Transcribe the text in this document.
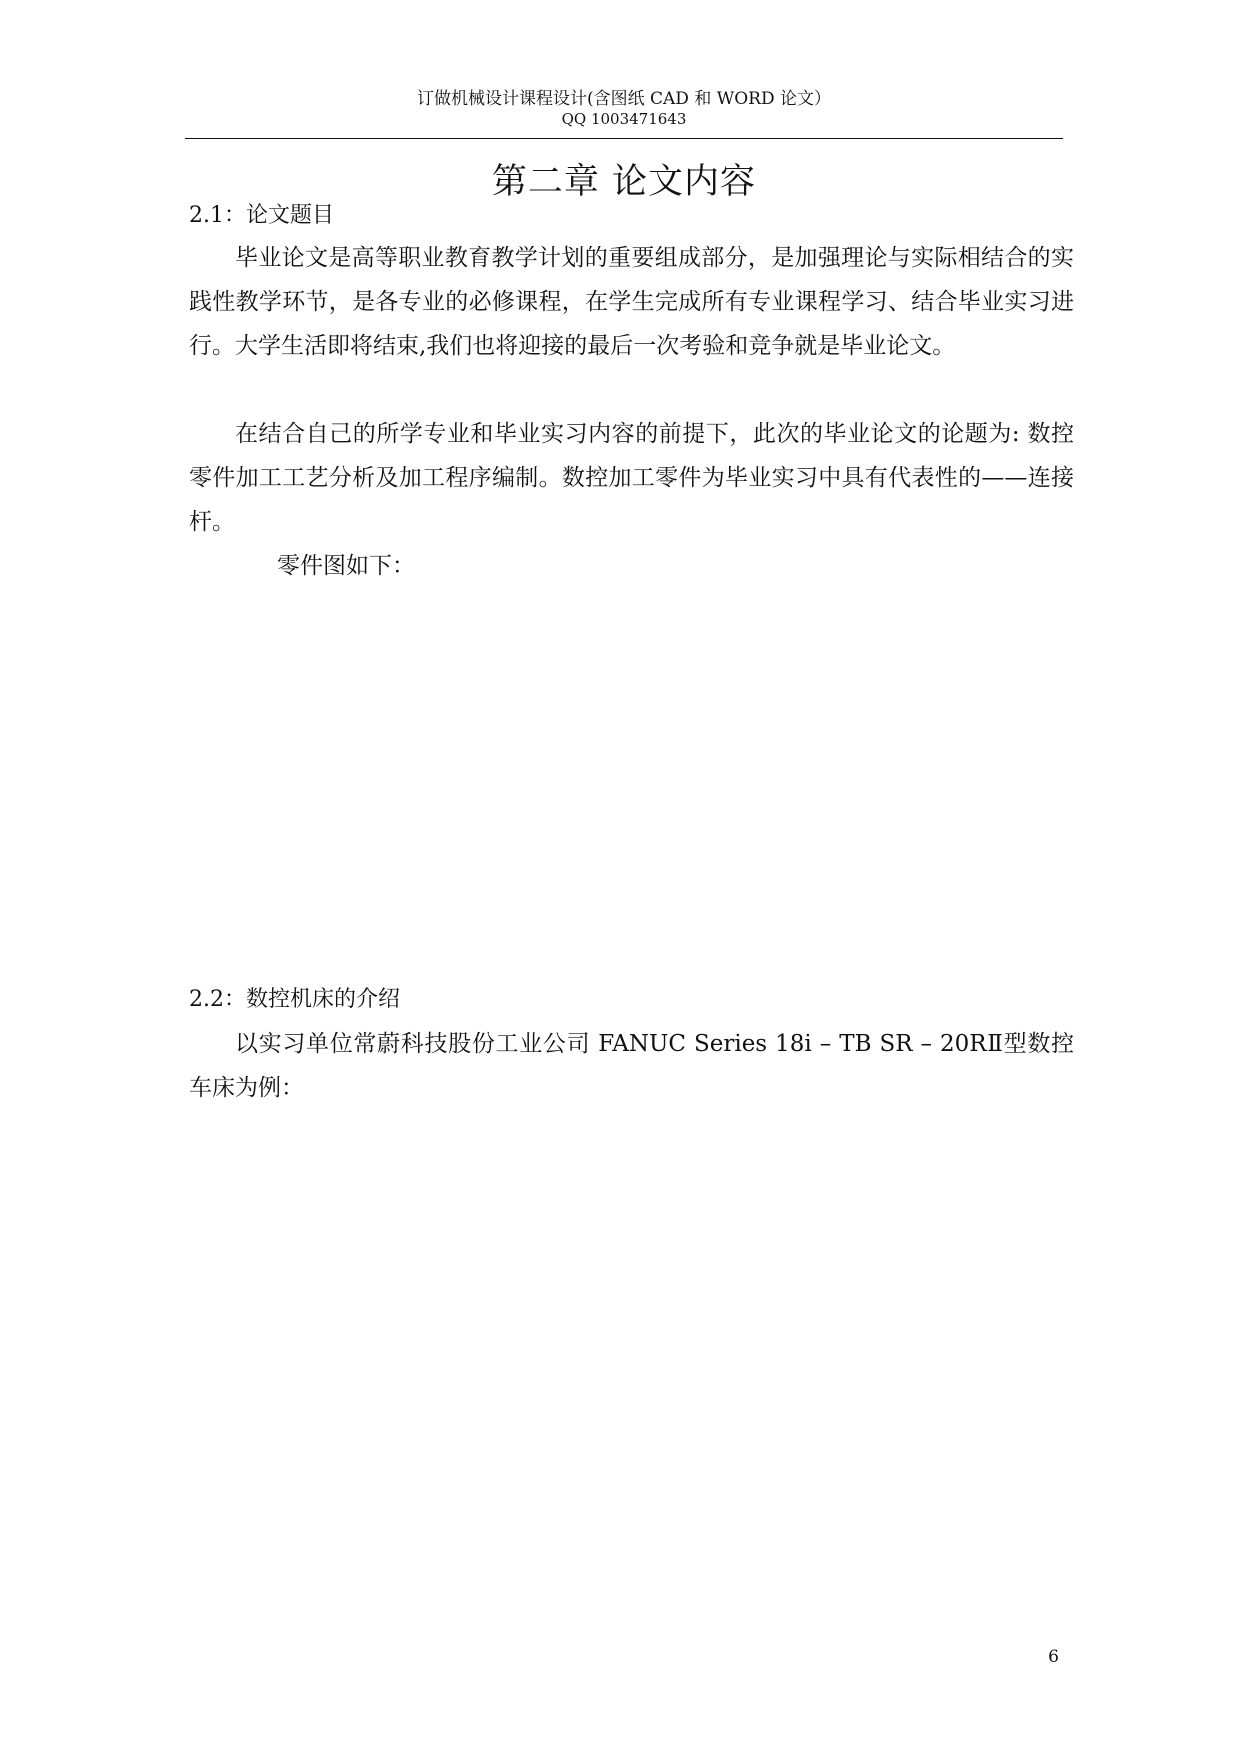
订做机械设计课程设计(含图纸 CAD 和 WORD 论文）
QQ 1003471643
第二章 论文内容
2.1：论文题目
毕业论文是高等职业教育教学计划的重要组成部分，是加强理论与实际相结合的实践性教学环节，是各专业的必修课程，在学生完成所有专业课程学习、结合毕业实习进行。大学生活即将结束,我们也将迎接的最后一次考验和竞争就是毕业论文。
在结合自己的所学专业和毕业实习内容的前提下，此次的毕业论文的论题为: 数控零件加工工艺分析及加工程序编制。数控加工零件为毕业实习中具有代表性的——连接杆。
零件图如下：
2.2：数控机床的介绍
以实习单位常蔚科技股份工业公司 FANUC Series 18i – TB SR – 20RⅡ型数控车床为例：
6
